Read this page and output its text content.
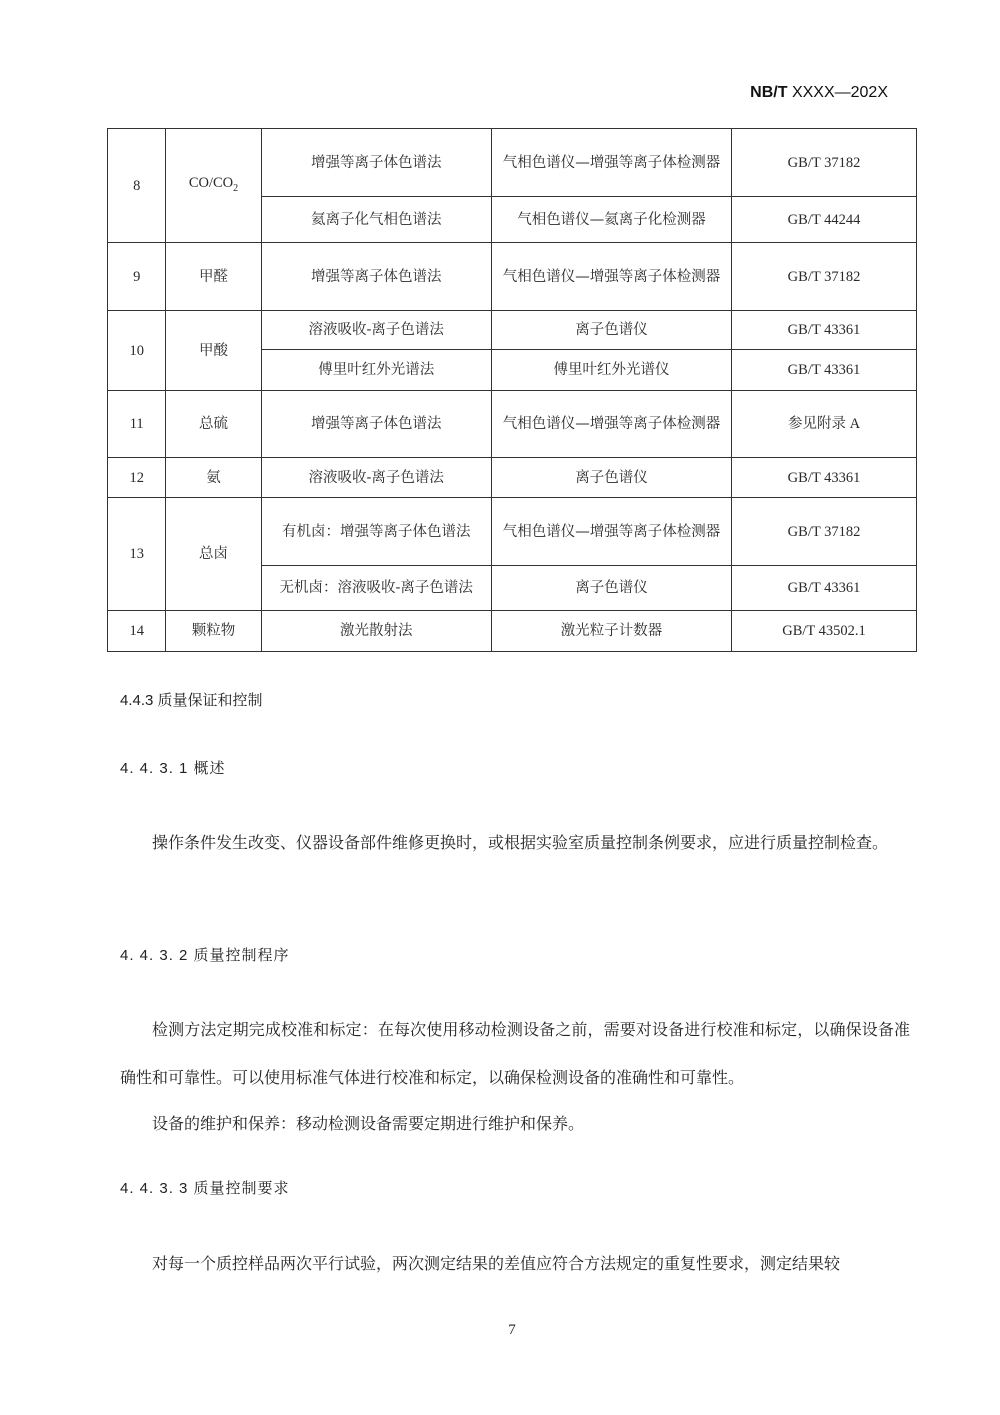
NB/T XXXX—202X
8	$CO/CO_2$	增强等离子体色谱法	气相色谱仪—增强等离子体检测器	GB/T 37182
		氦离子化气相色谱法	气相色谱仪—氦离子化检测器	GB/T 44244
9	甲醛	增强等离子体色谱法	气相色谱仪—增强等离子体检测器	GB/T 37182
10	甲酸	溶液吸收-离子色谱法	离子色谱仪	GB/T 43361
		傅里叶红外光谱法	傅里叶红外光谱仪	GB/T 43361
11	总硫	增强等离子体色谱法	气相色谱仪—增强等离子体检测器	参见附录 A
12	氨	溶液吸收-离子色谱法	离子色谱仪	GB/T 43361
13	总卤	有机卤：增强等离子体色谱法	气相色谱仪—增强等离子体检测器	GB/T 37182
		无机卤：溶液吸收-离子色谱法	离子色谱仪	GB/T 43361
14	颗粒物	激光散射法	激光粒子计数器	GB/T 43502.1
4.4.3 质量保证和控制
4. 4. 3. 1 概述
操作条件发生改变、仪器设备部件维修更换时，或根据实验室质量控制条例要求，应进行质量控制检查。
4. 4. 3. 2 质量控制程序
检测方法定期完成校准和标定：在每次使用移动检测设备之前，需要对设备进行校准和标定，以确保设备准确性和可靠性。可以使用标准气体进行校准和标定，以确保检测设备的准确性和可靠性。
设备的维护和保养：移动检测设备需要定期进行维护和保养。
4. 4. 3. 3 质量控制要求
对每一个质控样品两次平行试验，两次测定结果的差值应符合方法规定的重复性要求，测定结果较
7
